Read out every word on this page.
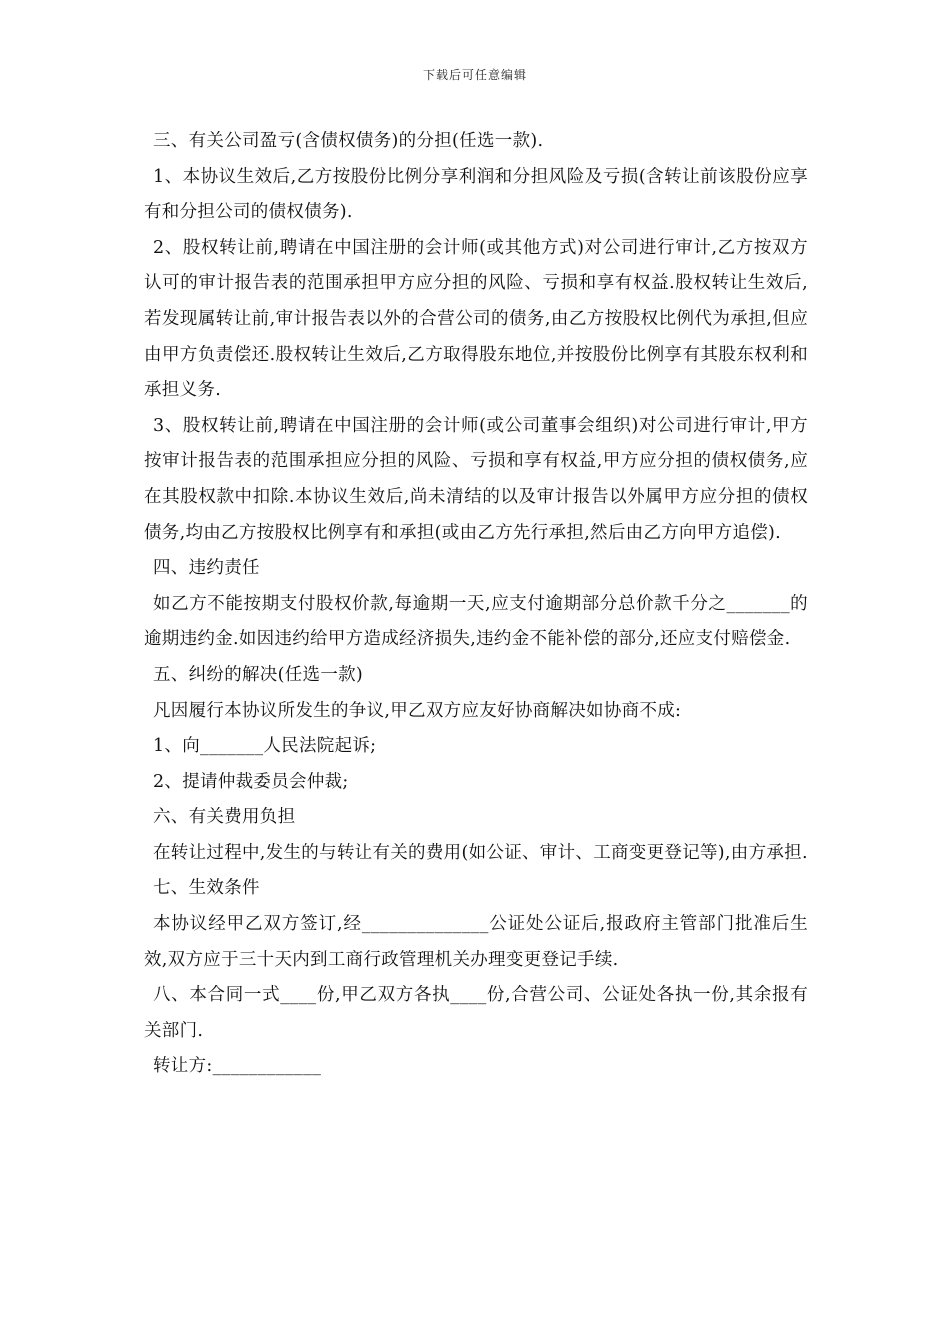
下载后可任意编辑

三、有关公司盈亏(含债权债务)的分担(任选一款).

1、本协议生效后,乙方按股份比例分享利润和分担风险及亏损(含转让前该股份应享有和分担公司的债权债务).

2、股权转让前,聘请在中国注册的会计师(或其他方式)对公司进行审计,乙方按双方认可的审计报告表的范围承担甲方应分担的风险、亏损和享有权益.股权转让生效后,若发现属转让前,审计报告表以外的合营公司的债务,由乙方按股权比例代为承担,但应由甲方负责偿还.股权转让生效后,乙方取得股东地位,并按股份比例享有其股东权利和承担义务.

3、股权转让前,聘请在中国注册的会计师(或公司董事会组织)对公司进行审计,甲方按审计报告表的范围承担应分担的风险、亏损和享有权益,甲方应分担的债权债务,应在其股权款中扣除.本协议生效后,尚未清结的以及审计报告以外属甲方应分担的债权债务,均由乙方按股权比例享有和承担(或由乙方先行承担,然后由乙方向甲方追偿).

四、违约责任

如乙方不能按期支付股权价款,每逾期一天,应支付逾期部分总价款千分之_______的逾期违约金.如因违约给甲方造成经济损失,违约金不能补偿的部分,还应支付赔偿金.

五、纠纷的解决(任选一款)

凡因履行本协议所发生的争议,甲乙双方应友好协商解决如协商不成:

1、向_______人民法院起诉;

2、提请仲裁委员会仲裁;

六、有关费用负担

在转让过程中,发生的与转让有关的费用(如公证、审计、工商变更登记等),由方承担.

七、生效条件

本协议经甲乙双方签订,经______________公证处公证后,报政府主管部门批准后生效,双方应于三十天内到工商行政管理机关办理变更登记手续.

八、本合同一式____份,甲乙双方各执____份,合营公司、公证处各执一份,其余报有关部门.

转让方:____________
